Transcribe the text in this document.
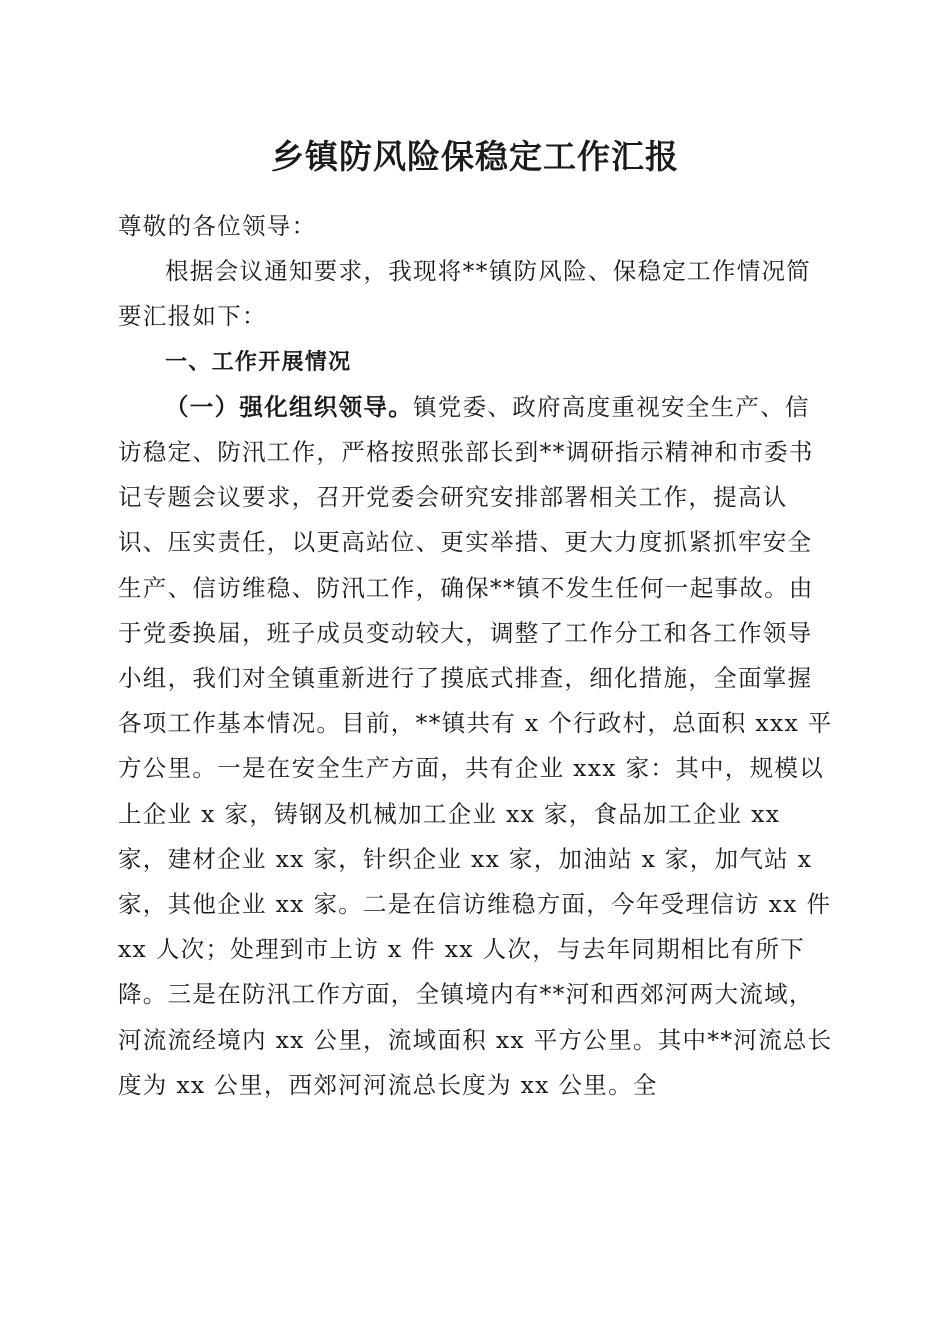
乡镇防风险保稳定工作汇报

尊敬的各位领导：

根据会议通知要求，我现将**镇防风险、保稳定工作情况简要汇报如下：

一、工作开展情况

（一）强化组织领导。镇党委、政府高度重视安全生产、信访稳定、防汛工作，严格按照张部长到**调研指示精神和市委书记专题会议要求，召开党委会研究安排部署相关工作，提高认识、压实责任，以更高站位、更实举措、更大力度抓紧抓牢安全生产、信访维稳、防汛工作，确保**镇不发生任何一起事故。由于党委换届，班子成员变动较大，调整了工作分工和各工作领导小组，我们对全镇重新进行了摸底式排查，细化措施，全面掌握各项工作基本情况。目前，**镇共有 x 个行政村，总面积 xxx 平方公里。一是在安全生产方面，共有企业 xxx 家：其中，规模以上企业 x 家，铸钢及机械加工企业 xx 家，食品加工企业 xx 家，建材企业 xx 家，针织企业 xx 家，加油站 x 家，加气站 x 家，其他企业 xx 家。二是在信访维稳方面，今年受理信访 xx 件 xx 人次；处理到市上访 x 件 xx 人次，与去年同期相比有所下降。三是在防汛工作方面，全镇境内有**河和西郊河两大流域，河流流经境内 xx 公里，流域面积 xx 平方公里。其中**河流总长度为 xx 公里，西郊河河流总长度为 xx 公里。全
